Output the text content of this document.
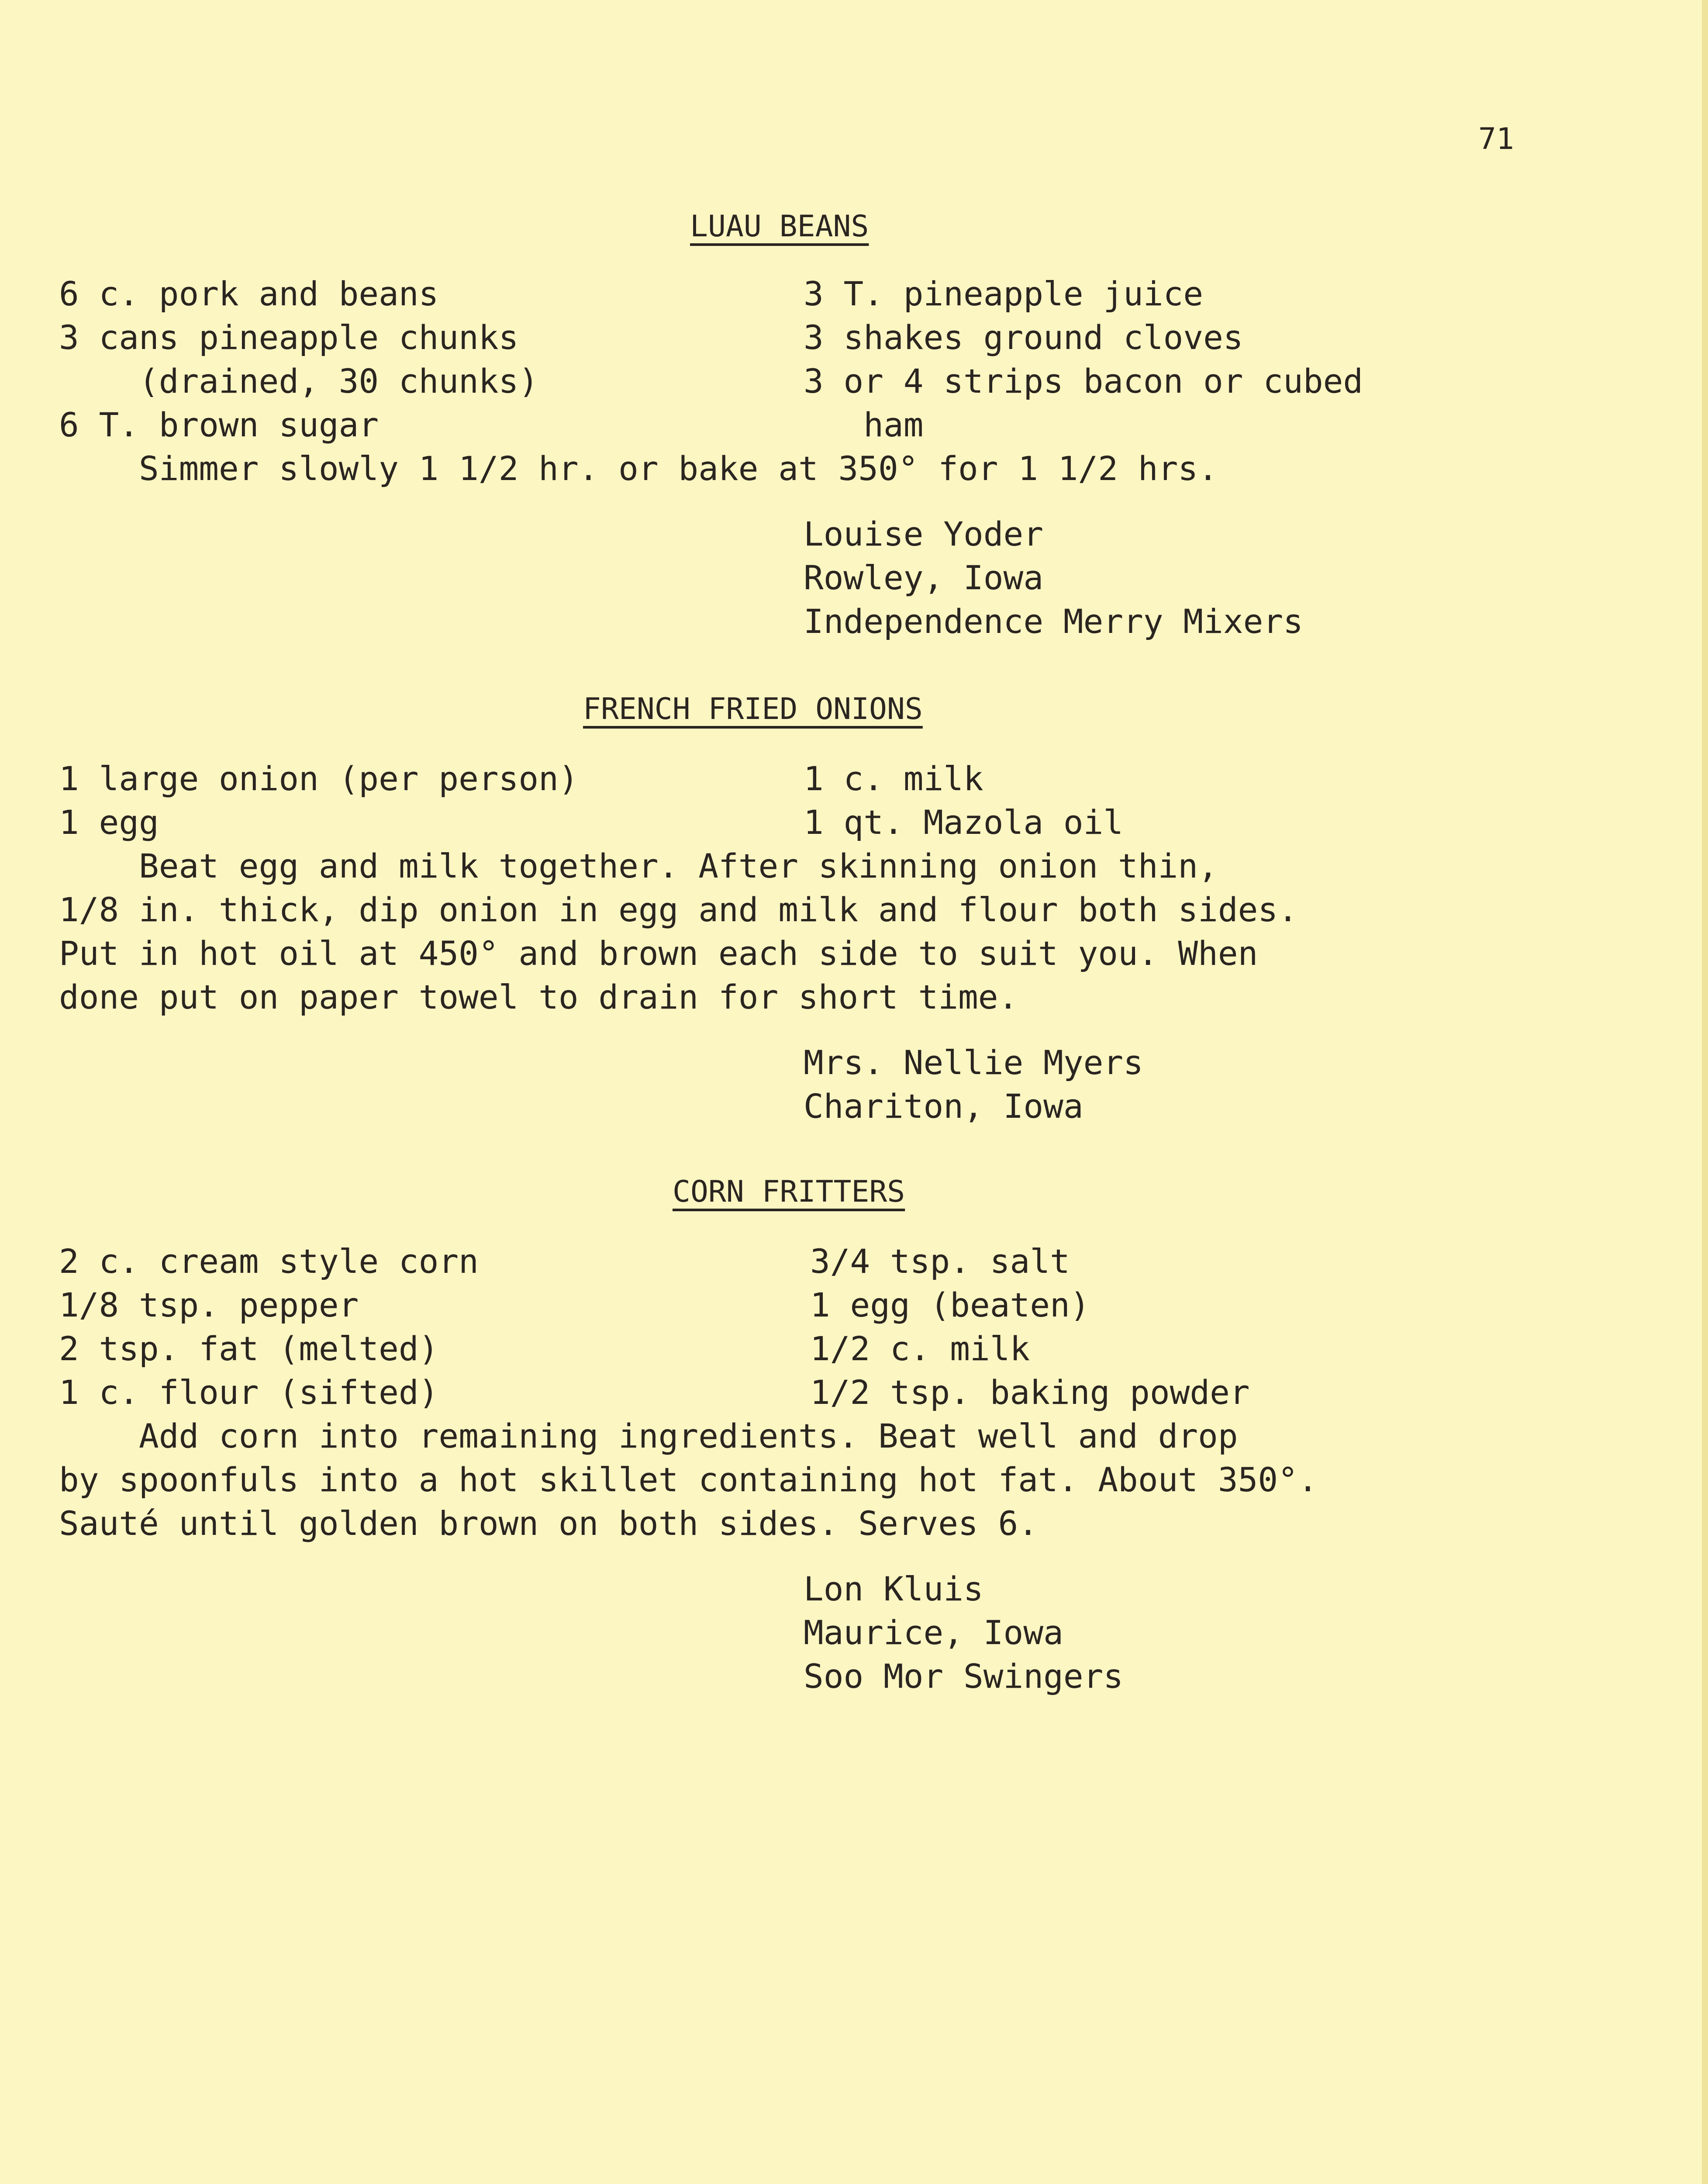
71
LUAU BEANS
6 c. pork and beans
3 cans pineapple chunks
(drained, 30 chunks)
6 T. brown sugar
3 T. pineapple juice
3 shakes ground cloves
3 or 4 strips bacon or cubed
ham
Simmer slowly 1 1/2 hr. or bake at 350° for 1 1/2 hrs.
Louise Yoder
Rowley, Iowa
Independence Merry Mixers
FRENCH FRIED ONIONS
1 large onion (per person)
1 egg
1 c. milk
1 qt. Mazola oil
Beat egg and milk together. After skinning onion thin,
1/8 in. thick, dip onion in egg and milk and flour both sides.
Put in hot oil at 450° and brown each side to suit you. When
done put on paper towel to drain for short time.
Mrs. Nellie Myers
Chariton, Iowa
CORN FRITTERS
2 c. cream style corn
1/8 tsp. pepper
2 tsp. fat (melted)
1 c. flour (sifted)
3/4 tsp. salt
1 egg (beaten)
1/2 c. milk
1/2 tsp. baking powder
Add corn into remaining ingredients. Beat well and drop
by spoonfuls into a hot skillet containing hot fat. About 350°.
Sauté until golden brown on both sides. Serves 6.
Lon Kluis
Maurice, Iowa
Soo Mor Swingers
